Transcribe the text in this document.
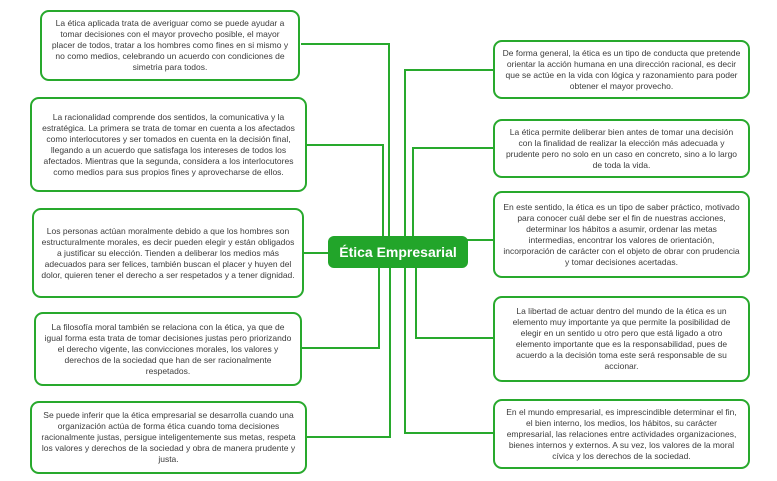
Ética Empresarial
La ética aplicada trata de averiguar como se puede ayudar a tomar decisiones con el mayor provecho posible, el mayor placer de todos, tratar a los hombres como fines en si mismo y no como medios, celebrando un acuerdo con condiciones de simetria para todos.
La racionalidad comprende dos sentidos, la comunicativa y la estratégica. La primera se trata de tomar en cuenta a los afectados como interlocutores y ser tomados en cuenta en la decisión final, llegando a un acuerdo que satisfaga los intereses de todos los afectados. Mientras que la segunda, considera a los interlocutores como medios para sus propios fines y aprovecharse de ellos.
Los personas actúan moralmente debido a que los hombres son estructuralmente morales, es decir pueden elegir y están obligados a justificar su elección. Tienden a deliberar los medios más adecuados para ser felices, también buscan el placer y huyen del dolor, quieren tener el derecho a ser respetados y a tener dignidad.
La filosofía moral también se relaciona con la ética, ya que de igual forma esta trata de tomar decisiones justas pero priorizando el derecho vigente, las convicciones morales, los valores y derechos de la sociedad que han de ser racionalmente respetados.
Se puede inferir que la ética empresarial se desarrolla cuando una organización actúa de forma ética cuando toma decisiones racionalmente justas, persigue inteligentemente sus metas, respeta los valores y derechos de la sociedad y obra de manera prudente y justa.
De forma general, la ética es un tipo de conducta que pretende orientar la acción humana en una dirección racional, es decir que se actúe en la vida con lógica y razonamiento para poder obtener el mayor provecho.
La ética permite deliberar bien antes de tomar una decisión con la finalidad de realizar la elección más adecuada y prudente pero no solo en un caso en concreto, sino a lo largo de toda la vida.
En este sentido, la ética es un tipo de saber práctico, motivado para conocer cuál debe ser el fin de nuestras acciones, determinar los hábitos a asumir, ordenar las metas intermedias, encontrar los valores de orientación, incorporación de carácter con el objeto de obrar con prudencia y tomar decisiones acertadas.
La libertad de actuar dentro del mundo de la ética es un elemento muy importante ya que permite la posibilidad de elegir en un sentido u otro pero que está ligado a otro elemento importante que es la responsabilidad, pues de acuerdo a la decisión toma este será responsable de su accionar.
En el mundo empresarial, es imprescindible determinar el fin, el bien interno, los medios, los hábitos, su carácter empresarial, las relaciones entre actividades organizaciones, bienes internos y externos. A su vez, los valores de la moral cívica y los derechos de la sociedad.
